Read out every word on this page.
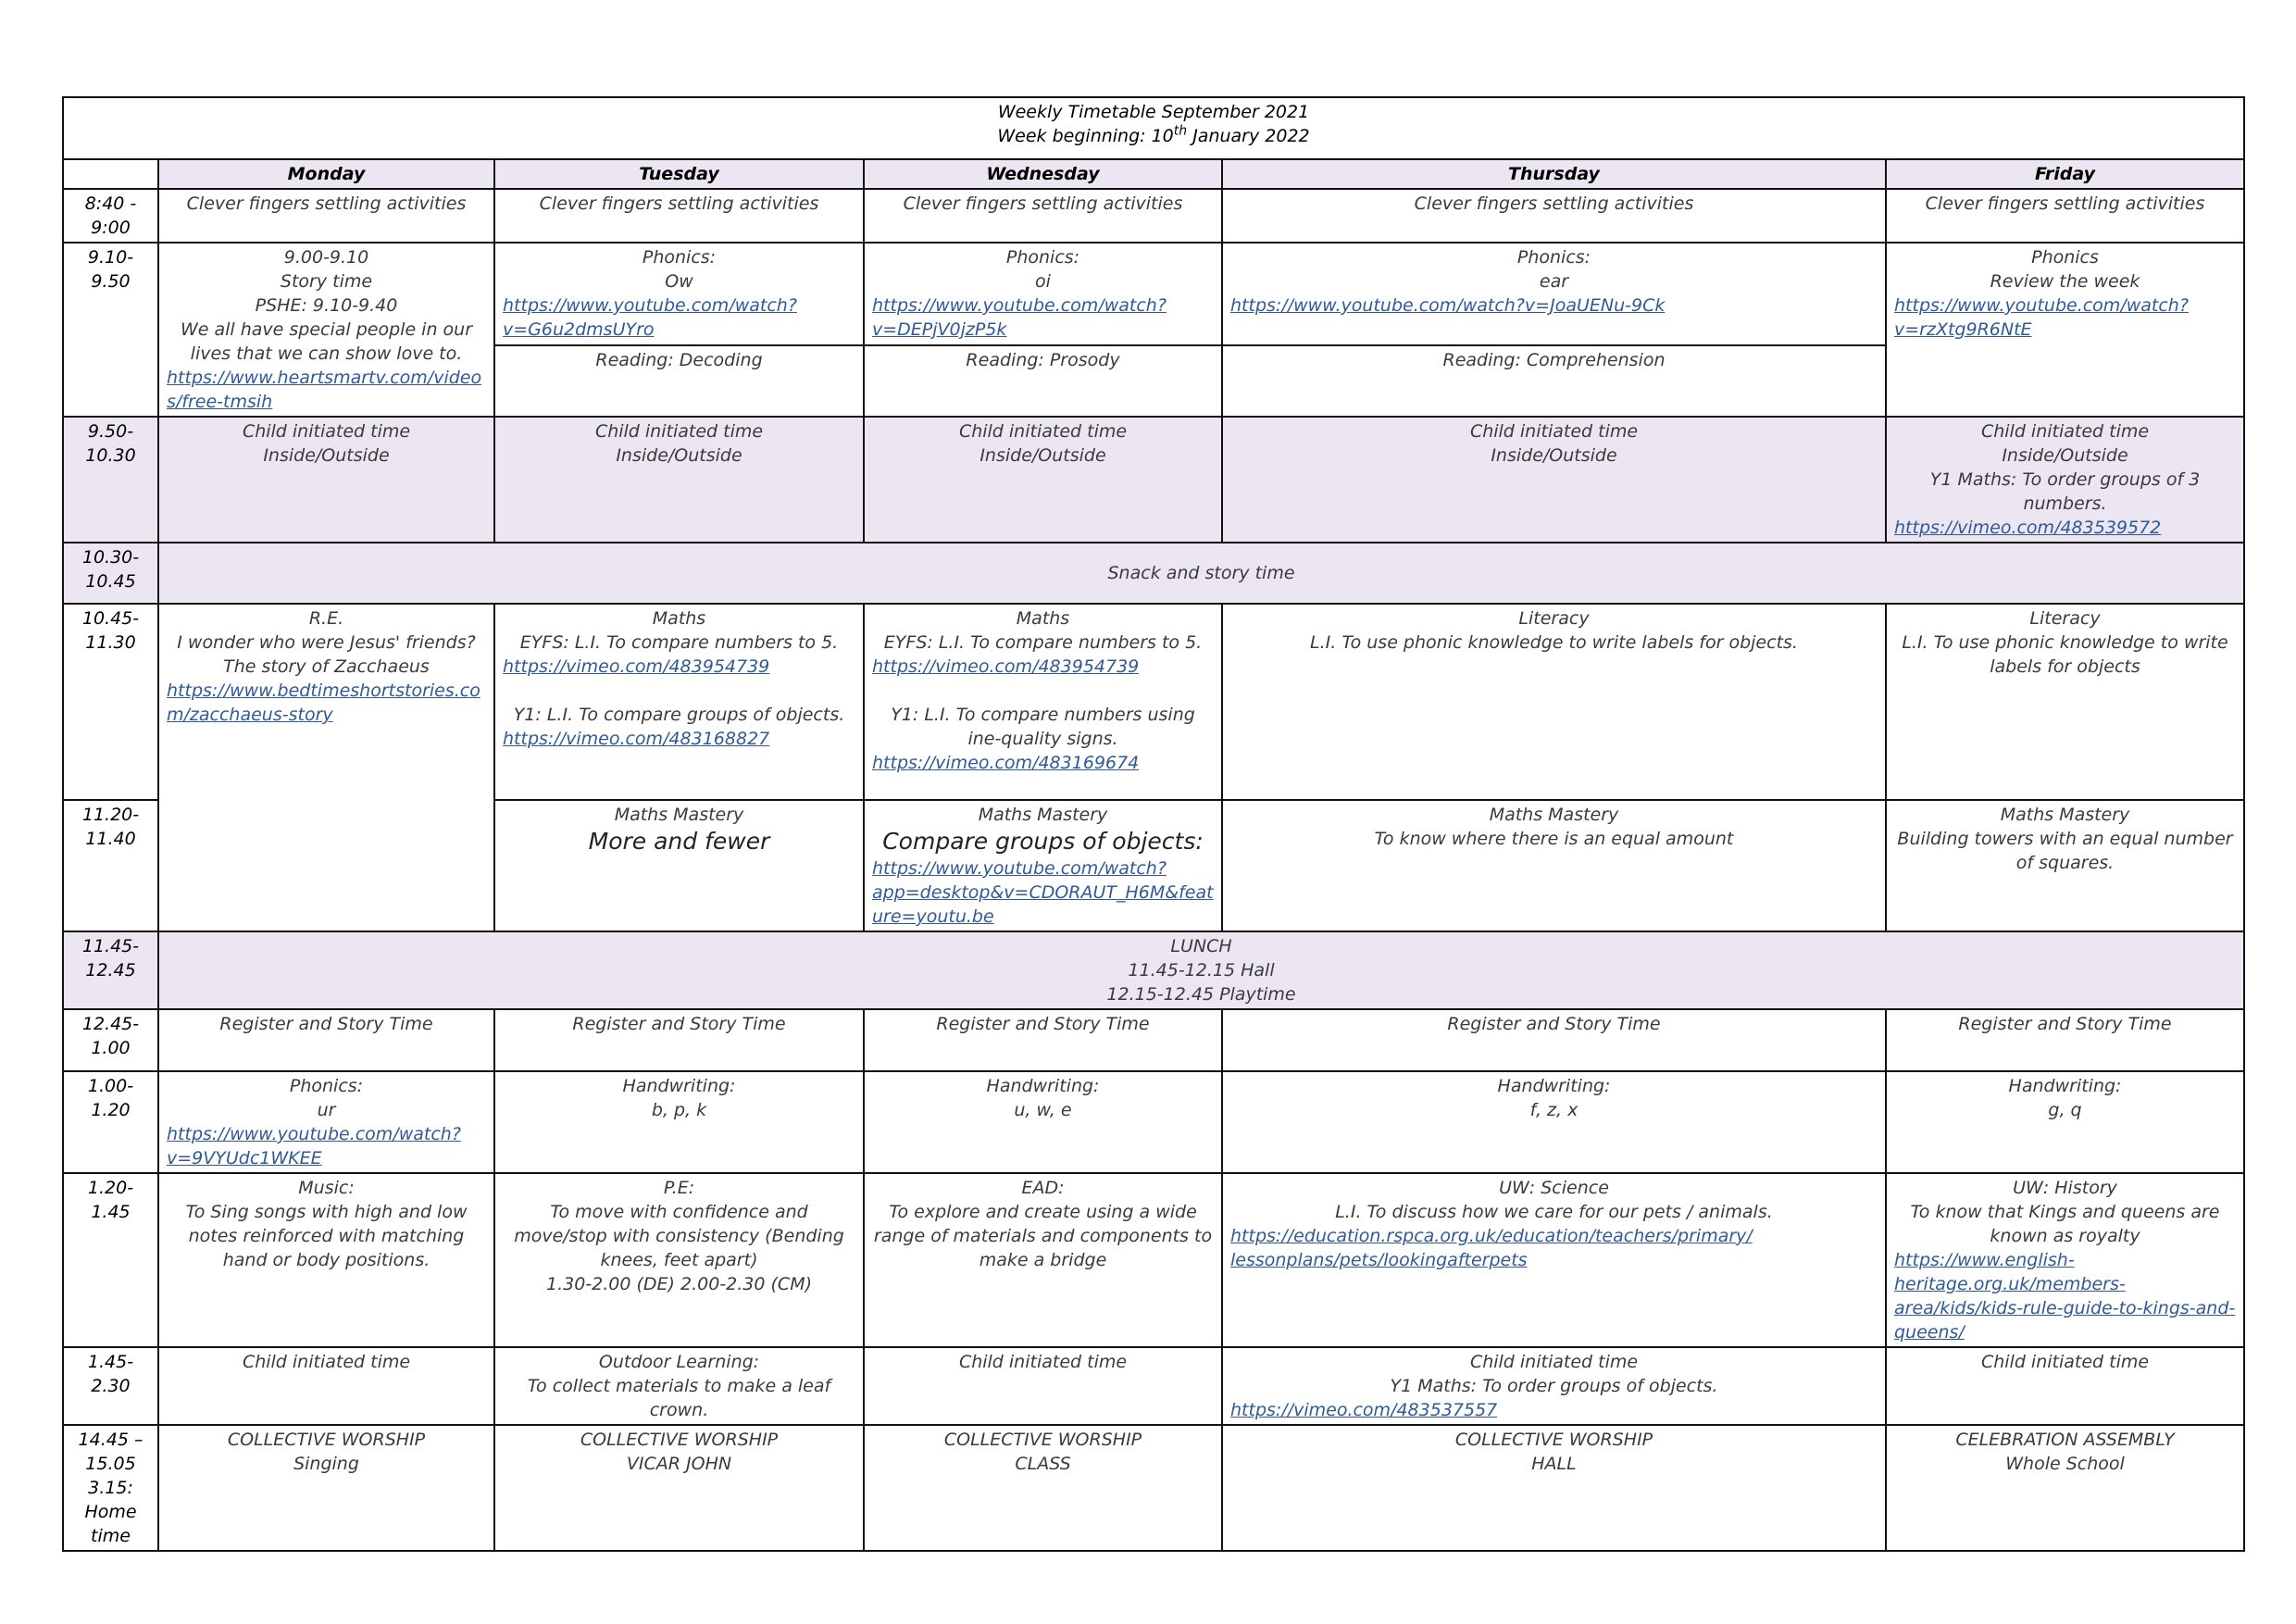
Weekly Timetable September 2021
Week beginning: 10th January 2022					

	Monday	Tuesday	Wednesday	Thursday	Friday
8:40 - 9:00	Clever fingers settling activities	Clever fingers settling activities	Clever fingers settling activities	Clever fingers settling activities	Clever fingers settling activities
9.10- 9.50	9.00-9.10
Story time
PSHE: 9.10-9.40
We all have special people in our lives that we can show love to.
https://www.heartsmartv.com/videos/free-tmsih	Phonics:
Ow
https://www.youtube.com/watch?v=G6u2dmsUYro	Phonics:
oi
https://www.youtube.com/watch?v=DEPjV0jzP5k	Phonics:
ear
https://www.youtube.com/watch?v=JoaUENu-9Ck	Phonics
Review the week
https://www.youtube.com/watch?v=rzXtg9R6NtE

		Reading: Decoding	Reading: Prosody	Reading: Comprehension	
9.50- 10.30	Child initiated time
Inside/Outside	Child initiated time
Inside/Outside	Child initiated time
Inside/Outside	Child initiated time
Inside/Outside	Child initiated time
Inside/Outside
Y1 Maths: To order groups of 3 numbers.
https://vimeo.com/483539572

10.30- 10.45	Snack and story time				
10.45- 11.30	R.E.
I wonder who were Jesus' friends?
The story of Zacchaeus
https://www.bedtimeshortstories.com/zacchaeus-story	Maths
EYFS: L.I. To compare numbers to 5.
https://vimeo.com/483954739
Y1: L.I. To compare groups of objects.
https://vimeo.com/483168827	Maths
EYFS: L.I. To compare numbers to 5.
https://vimeo.com/483954739
Y1: L.I. To compare numbers using ine-quality signs.
https://vimeo.com/483169674	Literacy
L.I. To use phonic knowledge to write labels for objects.	Literacy
L.I. To use phonic knowledge to write labels for objects

11.20- 11.40		Maths Mastery
More and fewer	Maths Mastery
Compare groups of objects:
https://www.youtube.com/watch?app=desktop&v=CDORAUT_H6M&feature=youtu.be	Maths Mastery
To know where there is an equal amount	Maths Mastery
Building towers with an equal number of squares.

11.45- 12.45	LUNCH
11.45-12.15 Hall
12.15-12.45 Playtime				

12.45- 1.00	Register and Story Time	Register and Story Time	Register and Story Time	Register and Story Time	Register and Story Time
1.00- 1.20	Phonics:
ur
https://www.youtube.com/watch?v=9VYUdc1WKEE	Handwriting:
b, p, k	Handwriting:
u, w, e	Handwriting:
f, z, x	Handwriting:
g, q

1.20- 1.45	Music:
To Sing songs with high and low notes reinforced with matching hand or body positions.	P.E:
To move with confidence and move/stop with consistency (Bending knees, feet apart)
1.30-2.00 (DE) 2.00-2.30 (CM)	EAD:
To explore and create using a wide range of materials and components to make a bridge	UW: Science
L.I. To discuss how we care for our pets / animals.
https://education.rspca.org.uk/education/teachers/primary/ lessonplans/pets/lookingafterpets	UW: History
To know that Kings and queens are known as royalty
https://www.english-heritage.org.uk/members-area/kids/kids-rule-guide-to-kings-and-queens/

1.45- 2.30	Child initiated time	Outdoor Learning:
To collect materials to make a leaf crown.	Child initiated time	Child initiated time
Y1 Maths: To order groups of objects.
https://vimeo.com/483537557	Child initiated time
14.45 – 15.05 3.15: Home time	COLLECTIVE WORSHIP
Singing	COLLECTIVE WORSHIP
VICAR JOHN	COLLECTIVE WORSHIP
CLASS	COLLECTIVE WORSHIP
HALL	CELEBRATION ASSEMBLY
Whole School
